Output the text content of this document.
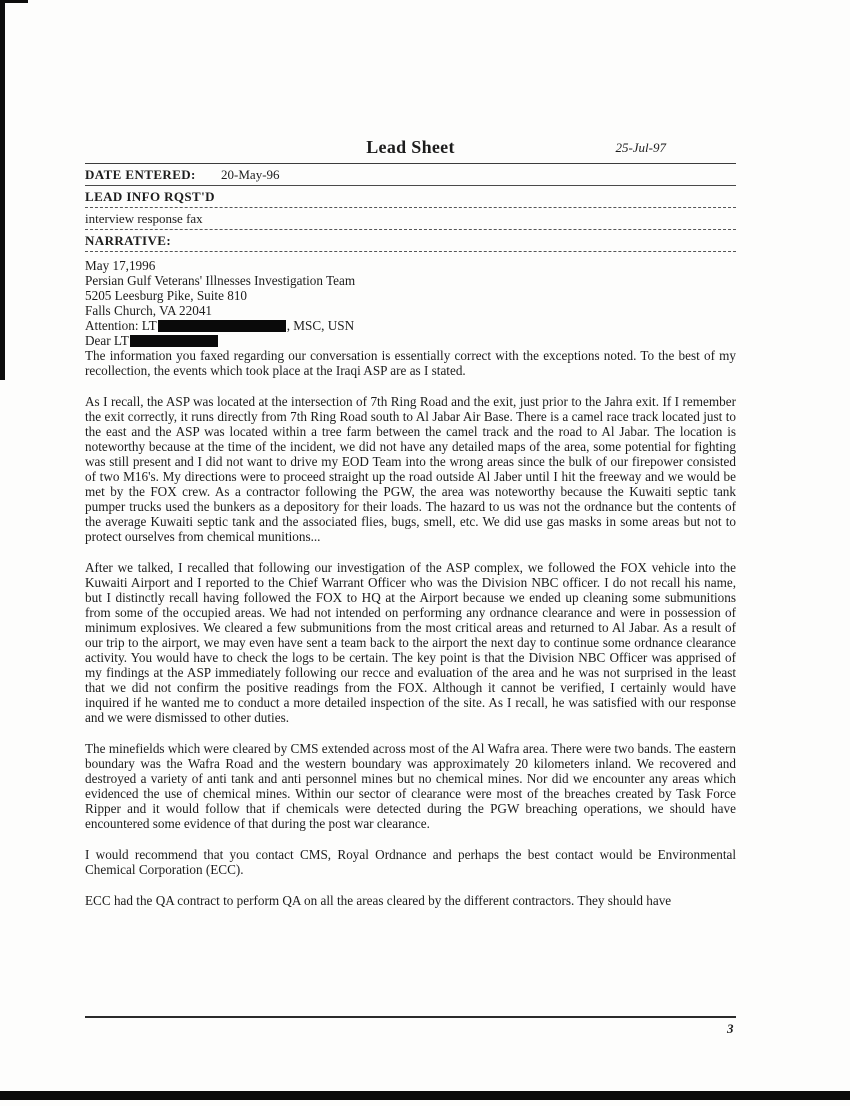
Lead Sheet	25-Jul-97
DATE ENTERED: 20-May-96
LEAD INFO RQST'D
interview response fax
NARRATIVE:

May 17,1996

Persian Gulf Veterans' Illnesses Investigation Team

5205 Leesburg Pike, Suite 810

Falls Church, VA 22041

Attention: LT	, MSC, USN

Dear LT

The information you faxed regarding our conversation is essentially correct with the exceptions noted. To the best of my recollection, the events which took place at the Iraqi ASP are as I stated.

As I recall, the ASP was located at the intersection of 7th Ring Road and the exit, just prior to the Jahra exit. If I remember the exit correctly, it runs directly from 7th Ring Road south to Al Jabar Air Base. There is a camel race track located just to the east and the ASP was located within a tree farm between the camel track and the road to Al Jabar. The location is noteworthy because at the time of the incident, we did not have any detailed maps of the area, some potential for fighting was still present and I did not want to drive my EOD Team into the wrong areas since the bulk of our firepower consisted of two M16's. My directions were to proceed straight up the road outside Al Jaber until I hit the freeway and we would be met by the FOX crew. As a contractor following the PGW, the area was noteworthy because the Kuwaiti septic tank pumper trucks used the bunkers as a depository for their loads. The hazard to us was not the ordnance but the contents of the average Kuwaiti septic tank and the associated flies, bugs, smell, etc. We did use gas masks in some areas but not to protect ourselves from chemical munitions...

After we talked, I recalled that following our investigation of the ASP complex, we followed the FOX vehicle into the Kuwaiti Airport and I reported to the Chief Warrant Officer who was the Division NBC officer. I do not recall his name, but I distinctly recall having followed the FOX to HQ at the Airport because we ended up cleaning some submunitions from some of the occupied areas. We had not intended on performing any ordnance clearance and were in possession of minimum explosives. We cleared a few submunitions from the most critical areas and returned to Al Jabar. As a result of our trip to the airport, we may even have sent a team back to the airport the next day to continue some ordnance clearance activity. You would have to check the logs to be certain. The key point is that the Division NBC Officer was apprised of my findings at the ASP immediately following our recce and evaluation of the area and he was not surprised in the least that we did not confirm the positive readings from the FOX. Although it cannot be verified, I certainly would have inquired if he wanted me to conduct a more detailed inspection of the site. As I recall, he was satisfied with our response and we were dismissed to other duties.

The minefields which were cleared by CMS extended across most of the Al Wafra area. There were two bands. The eastern boundary was the Wafra Road and the western boundary was approximately 20 kilometers inland. We recovered and destroyed a variety of anti tank and anti personnel mines but no chemical mines. Nor did we encounter any areas which evidenced the use of chemical mines. Within our sector of clearance were most of the breaches created by Task Force Ripper and it would follow that if chemicals were detected during the PGW breaching operations, we should have encountered some evidence of that during the post war clearance.

I would recommend that you contact CMS, Royal Ordnance and perhaps the best contact would be Environmental Chemical Corporation (ECC).

ECC had the QA contract to perform QA on all the areas cleared by the different contractors. They should have

3
